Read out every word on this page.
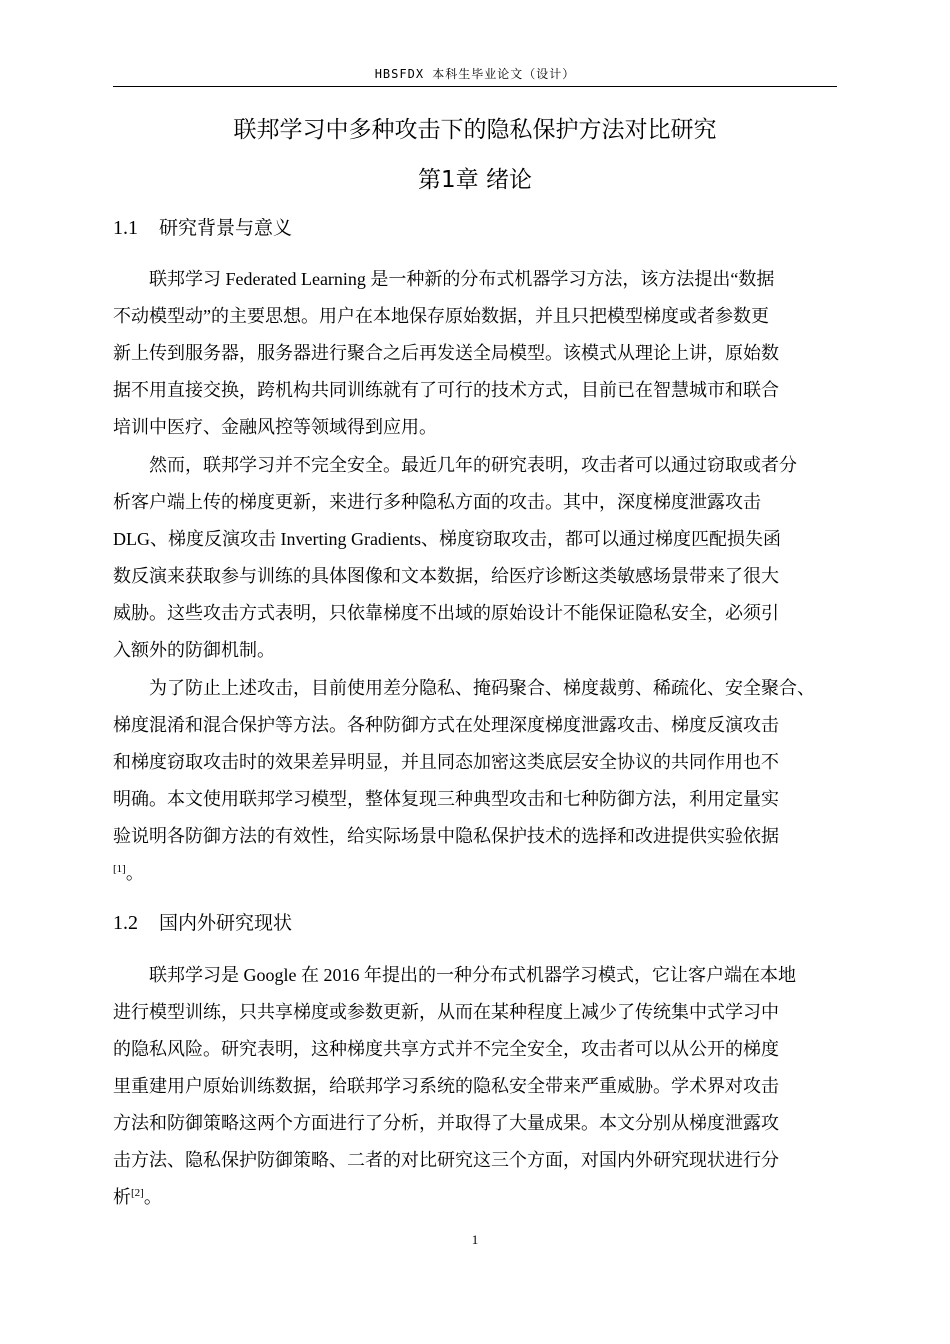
HBSFDX 本科生毕业论文（设计）
联邦学习中多种攻击下的隐私保护方法对比研究
第1章 绪论
1.1 研究背景与意义
联邦学习 Federated Learning 是一种新的分布式机器学习方法，该方法提出“数据
不动模型动”的主要思想。用户在本地保存原始数据，并且只把模型梯度或者参数更
新上传到服务器，服务器进行聚合之后再发送全局模型。该模式从理论上讲，原始数
据不用直接交换，跨机构共同训练就有了可行的技术方式，目前已在智慧城市和联合
培训中医疗、金融风控等领域得到应用。
然而，联邦学习并不完全安全。最近几年的研究表明，攻击者可以通过窃取或者分
析客户端上传的梯度更新，来进行多种隐私方面的攻击。其中，深度梯度泄露攻击
DLG、梯度反演攻击 Inverting Gradients、梯度窃取攻击，都可以通过梯度匹配损失函
数反演来获取参与训练的具体图像和文本数据，给医疗诊断这类敏感场景带来了很大
威胁。这些攻击方式表明，只依靠梯度不出域的原始设计不能保证隐私安全，必须引
入额外的防御机制。
为了防止上述攻击，目前使用差分隐私、掩码聚合、梯度裁剪、稀疏化、安全聚合、
梯度混淆和混合保护等方法。各种防御方式在处理深度梯度泄露攻击、梯度反演攻击
和梯度窃取攻击时的效果差异明显，并且同态加密这类底层安全协议的共同作用也不
明确。本文使用联邦学习模型，整体复现三种典型攻击和七种防御方法，利用定量实
验说明各防御方法的有效性，给实际场景中隐私保护技术的选择和改进提供实验依据
[1]。
1.2 国内外研究现状
联邦学习是 Google 在 2016 年提出的一种分布式机器学习模式，它让客户端在本地
进行模型训练，只共享梯度或参数更新，从而在某种程度上减少了传统集中式学习中
的隐私风险。研究表明，这种梯度共享方式并不完全安全，攻击者可以从公开的梯度
里重建用户原始训练数据，给联邦学习系统的隐私安全带来严重威胁。学术界对攻击
方法和防御策略这两个方面进行了分析，并取得了大量成果。本文分别从梯度泄露攻
击方法、隐私保护防御策略、二者的对比研究这三个方面，对国内外研究现状进行分
析[2]。
1
